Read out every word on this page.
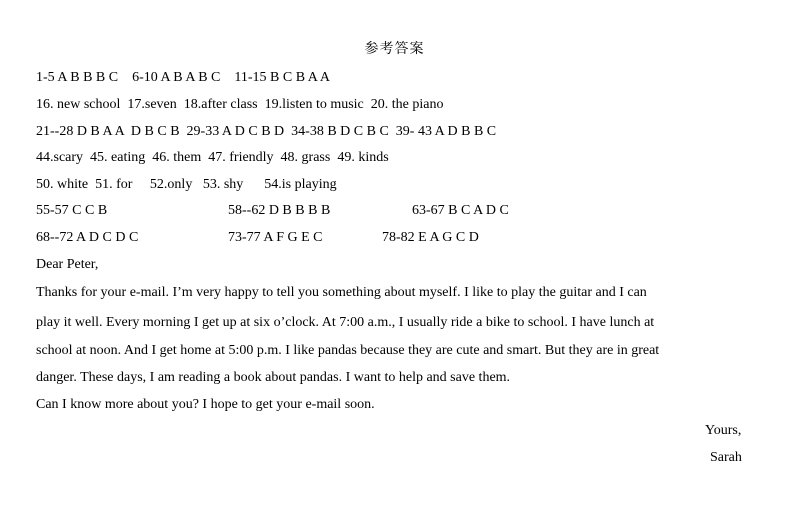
参考答案
1-5 A B B B C    6-10 A B A B C    11-15 B C B A A
16. new school  17.seven  18.after class  19.listen to music  20. the piano
21--28 D B A A  D B C B  29-33 A D C B D  34-38 B D C B C  39- 43 A D B B C
44.scary  45. eating  46. them  47. friendly  48. grass  49. kinds
50. white  51. for     52.only   53. shy      54.is playing
55-57 C C B	58--62 D B B B B	63-67 B C A D C
68--72 A D C D C	73-77 A F G E C	78-82 E A G C D
Dear Peter,
Thanks for your e-mail. I’m very happy to tell you something about myself. I like to play the guitar and I can
play it well. Every morning I get up at six o’clock. At 7:00 a.m., I usually ride a bike to school. I have lunch at
school at noon. And I get home at 5:00 p.m. I like pandas because they are cute and smart. But they are in great
danger. These days, I am reading a book about pandas. I want to help and save them.
Can I know more about you? I hope to get your e-mail soon.
Yours,
Sarah
